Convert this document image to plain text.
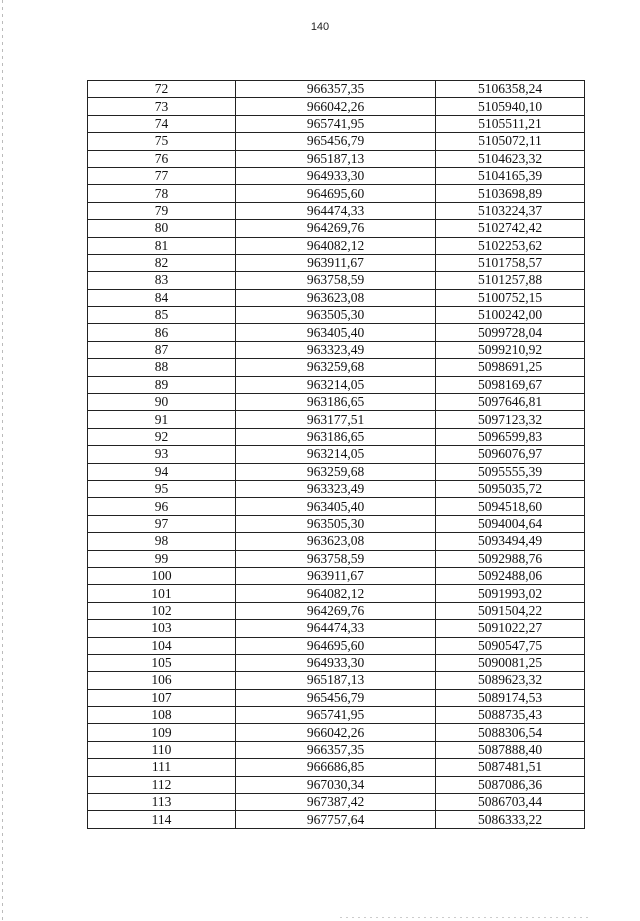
140
72	966357,35	5106358,24
73	966042,26	5105940,10
74	965741,95	5105511,21
75	965456,79	5105072,11
76	965187,13	5104623,32
77	964933,30	5104165,39
78	964695,60	5103698,89
79	964474,33	5103224,37
80	964269,76	5102742,42
81	964082,12	5102253,62
82	963911,67	5101758,57
83	963758,59	5101257,88
84	963623,08	5100752,15
85	963505,30	5100242,00
86	963405,40	5099728,04
87	963323,49	5099210,92
88	963259,68	5098691,25
89	963214,05	5098169,67
90	963186,65	5097646,81
91	963177,51	5097123,32
92	963186,65	5096599,83
93	963214,05	5096076,97
94	963259,68	5095555,39
95	963323,49	5095035,72
96	963405,40	5094518,60
97	963505,30	5094004,64
98	963623,08	5093494,49
99	963758,59	5092988,76
100	963911,67	5092488,06
101	964082,12	5091993,02
102	964269,76	5091504,22
103	964474,33	5091022,27
104	964695,60	5090547,75
105	964933,30	5090081,25
106	965187,13	5089623,32
107	965456,79	5089174,53
108	965741,95	5088735,43
109	966042,26	5088306,54
110	966357,35	5087888,40
111	966686,85	5087481,51
112	967030,34	5087086,36
113	967387,42	5086703,44
114	967757,64	5086333,22
